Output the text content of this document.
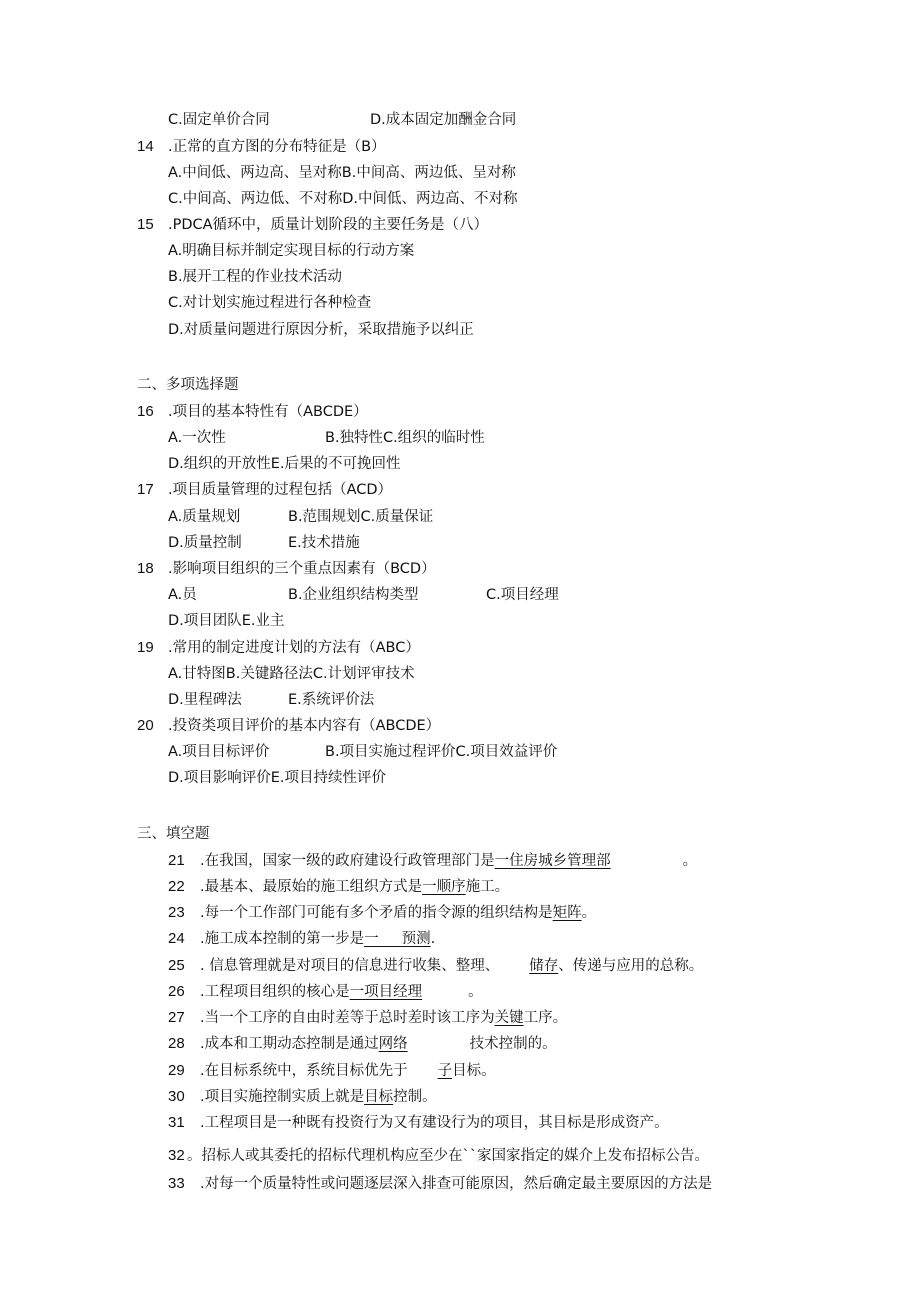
C.固定单价合同	D.成本固定加酬金合同
14 .正常的直方图的分布特征是（B）
A.中间低、两边高、呈对称B.中间高、两边低、呈对称
C.中间高、两边低、不对称D.中间低、两边高、不对称
15 .PDCA循环中，质量计划阶段的主要任务是（八）
A.明确目标并制定实现目标的行动方案
B.展开工程的作业技术活动
C.对计划实施过程进行各种检查
D.对质量问题进行原因分析，采取措施予以纠正
二、多项选择题
16 .项目的基本特性有（ABCDE）
A.一次性	B.独特性C.组织的临时性
D.组织的开放性E.后果的不可挽回性
17 .项目质量管理的过程包括（ACD）
A.质量规划	B.范围规划C.质量保证
D.质量控制	E.技术措施
18 .影响项目组织的三个重点因素有（BCD）
A.员	B.企业组织结构类型	C.项目经理
D.项目团队E.业主
19 .常用的制定进度计划的方法有（ABC）
A.甘特图B.关键路径法C.计划评审技术
D.里程碑法	E.系统评价法
20 .投资类项目评价的基本内容有（ABCDE）
A.项目目标评价	B.项目实施过程评价C.项目效益评价
D.项目影响评价E.项目持续性评价
三、填空题
21 .在我国，国家一级的政府建设行政管理部门是一住房城乡管理部	。
22 .最基本、最原始的施工组织方式是一顺序施工。
23 .每一个工作部门可能有多个矛盾的指令源的组织结构是矩阵。
24 .施工成本控制的第一步是一     预测.
25 . 信息管理就是对项目的信息进行收集、整理、 储存、传递与应用的总称。
26 .工程项目组织的核心是一项目经理	。
27 .当一个工序的自由时差等于总时差时该工序为关键工序。
28 .成本和工期动态控制是通过网络	技术控制的。
29 .在目标系统中，系统目标优先于 子目标。
30 .项目实施控制实质上就是目标控制。
31 .工程项目是一种既有投资行为又有建设行为的项目，其目标是形成资产。
32 。招标人或其委托的招标代理机构应至少在``家国家指定的媒介上发布招标公告。
33 .对每一个质量特性或问题逐层深入排查可能原因，然后确定最主要原因的方法是
